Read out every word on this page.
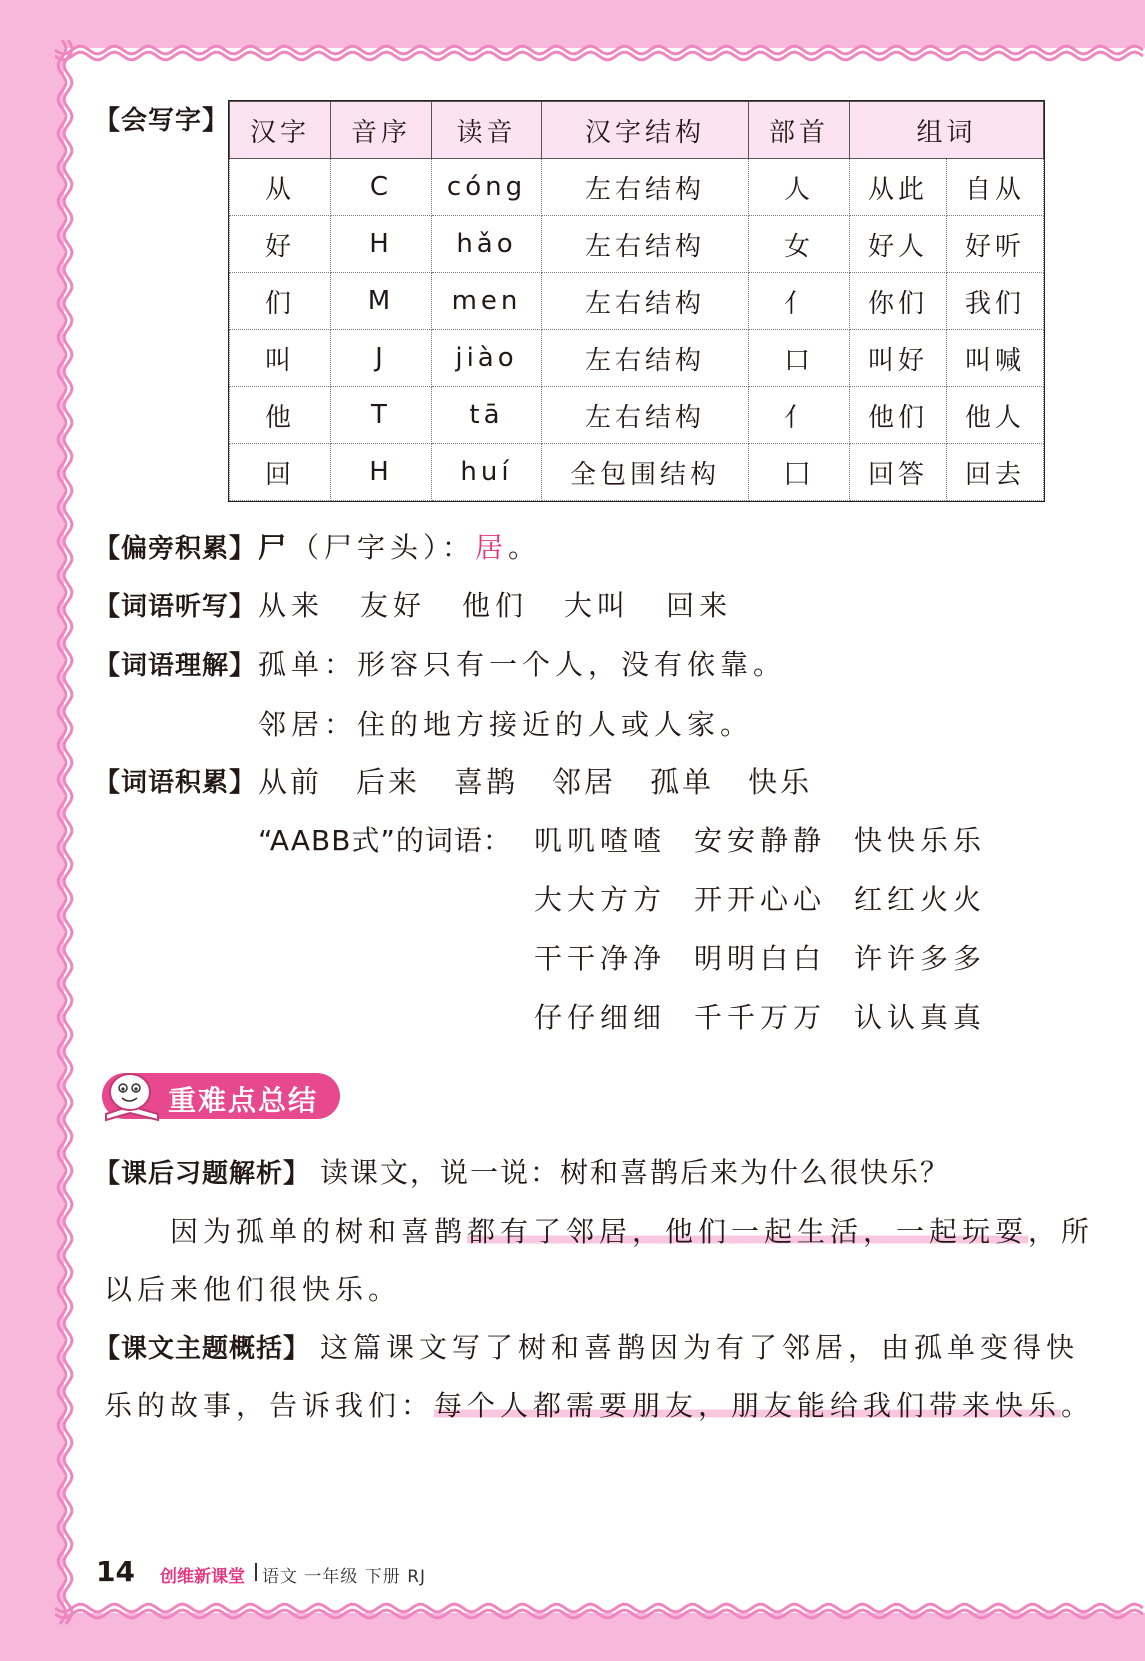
【会写字】 汉字	音序	读音	汉字结构	部首	组词	
从	C	cóng	左右结构	人	从此	自从
好	H	hǎo	左右结构	女	好人	好听
们	M	men	左右结构	亻	你们	我们
叫	J	jiào	左右结构	口	叫好	叫喊
他	T	tā	左右结构	亻	他们	他人
回	H	huí	全包围结构	囗	回答	回去
【偏旁积累】 尸（尸字头）：居。
【词语听写】 从来 友好 他们 大叫 回来
【词语理解】 孤单：形容只有一个人，没有依靠。
邻居：住的地方接近的人或人家。
【词语积累】 从前 后来 喜鹊 邻居 孤单 快乐
“AABB式”的词语： 叽叽喳喳 安安静静 快快乐乐
大大方方 开开心心 红红火火
干干净净 明明白白 许许多多
仔仔细细 千千万万 认认真真
重难点总结
【课后习题解析】 读课文，说一说：树和喜鹊后来为什么很快乐？
因为孤单的树和喜鹊都有了邻居，他们一起生活，一起玩耍，所
以后来他们很快乐。
【课文主题概括】 这篇课文写了树和喜鹊因为有了邻居，由孤单变得快
乐的故事，告诉我们：每个人都需要朋友，朋友能给我们带来快乐。
14 创维新课堂 语文 一年级 下册 RJ
